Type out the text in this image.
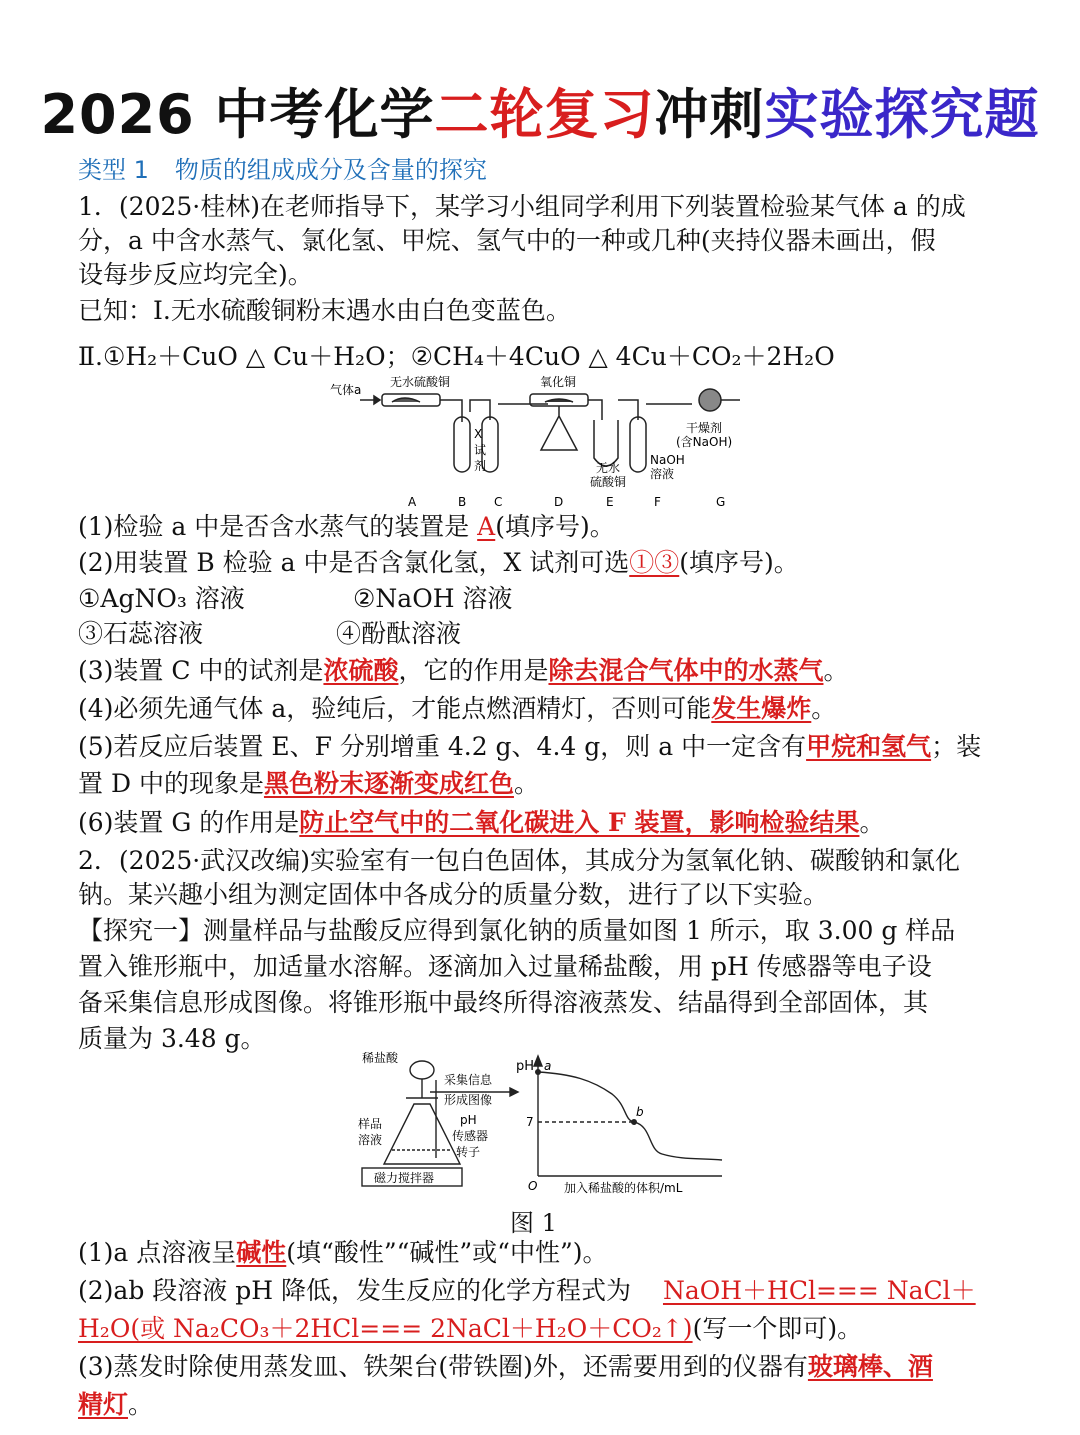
2026 中考化学二轮复习冲刺实验探究题
类型 1 物质的组成成分及含量的探究
1．(2025·桂林)在老师指导下，某学习小组同学利用下列装置检验某气体 a 的成
分，a 中含水蒸气、氯化氢、甲烷、氢气中的一种或几种(夹持仪器未画出，假
设每步反应均完全)。
已知：Ⅰ.无水硫酸铜粉末遇水由白色变蓝色。
Ⅱ.①H₂＋CuO △ Cu＋H₂O；②CH₄＋4CuO △ 4Cu＋CO₂＋2H₂O
气体a
无水硫酸铜	氧化铜
X
试
剂	无水
硫酸铜
NaOH
溶液
干燥剂
(含NaOH)
A	B C	D	E	F	G
(1)检验 a 中是否含水蒸气的装置是 A(填序号)。
(2)用装置 B 检验 a 中是否含氯化氢，X 试剂可选①③(填序号)。
①AgNO₃ 溶液	②NaOH 溶液
③石蕊溶液	④酚酞溶液
(3)装置 C 中的试剂是浓硫酸，它的作用是除去混合气体中的水蒸气。
(4)必须先通气体 a，验纯后，才能点燃酒精灯，否则可能发生爆炸。
(5)若反应后装置 E、F 分别增重 4.2 g、4.4 g，则 a 中一定含有甲烷和氢气；装
置 D 中的现象是黑色粉末逐渐变成红色。
(6)装置 G 的作用是防止空气中的二氧化碳进入 F 装置，影响检验结果。
2．(2025·武汉改编)实验室有一包白色固体，其成分为氢氧化钠、碳酸钠和氯化
钠。某兴趣小组为测定固体中各成分的质量分数，进行了以下实验。
【探究一】测量样品与盐酸反应得到氯化钠的质量如图 1 所示，取 3.00 g 样品
置入锥形瓶中，加适量水溶解。逐滴加入过量稀盐酸，用 pH 传感器等电子设
备采集信息形成图像。将锥形瓶中最终所得溶液蒸发、结晶得到全部固体，其
质量为 3.48 g。
稀盐酸
采集信息
形成图像
样品
溶液
pH
传感器
转子
磁力搅拌器
pH
加入稀盐酸的体积/mL
O
7
a
b
图 1
(1)a 点溶液呈碱性(填“酸性”“碱性”或“中性”)。
(2)ab 段溶液 pH 降低，发生反应的化学方程式为 NaOH＋HCl=== NaCl＋
H₂O(或 Na₂CO₃＋2HCl=== 2NaCl＋H₂O＋CO₂↑)(写一个即可)。
(3)蒸发时除使用蒸发皿、铁架台(带铁圈)外，还需要用到的仪器有玻璃棒、酒
精灯。
